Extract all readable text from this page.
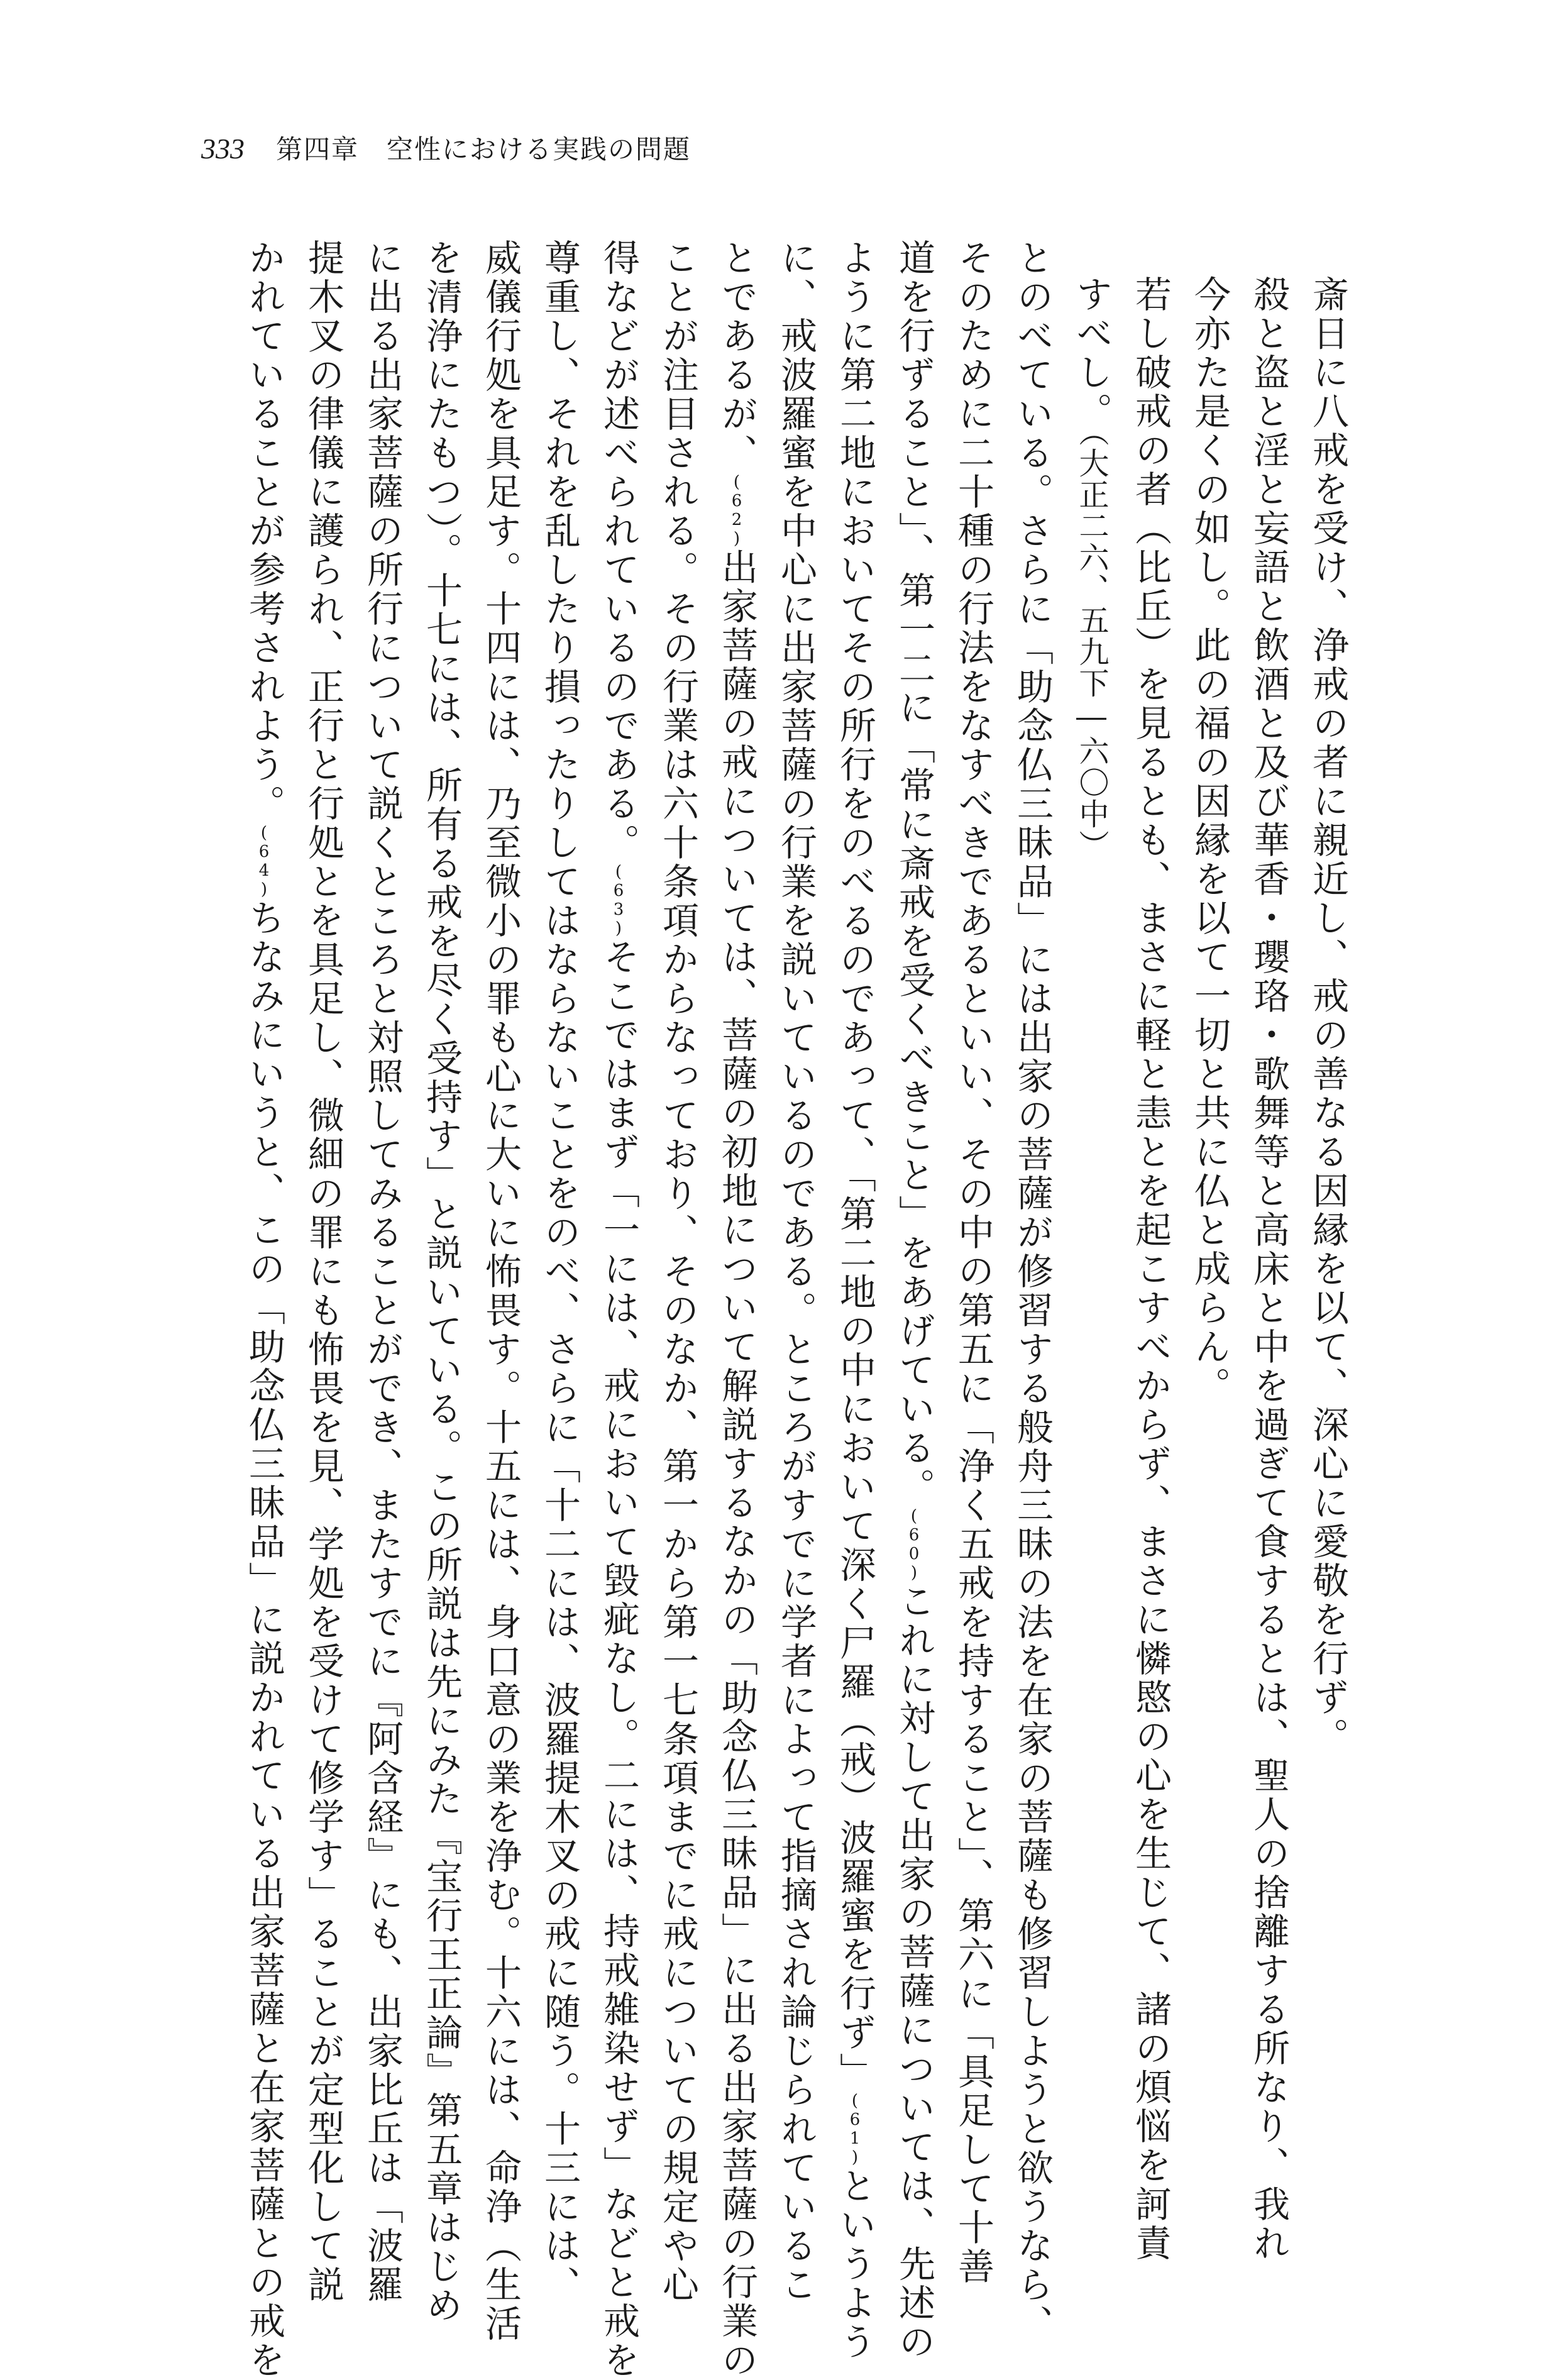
333 第四章　空性における実践の問題
斎日に八戒を受け、浄戒の者に親近し、戒の善なる因縁を以て、深心に愛敬を行ず。
殺と盗と淫と妄語と飲酒と及び華香・瓔珞・歌舞等と高床と中を過ぎて食するとは、聖人の捨離する所なり、我れ
今亦た是くの如し。此の福の因縁を以て一切と共に仏と成らん。
若し破戒の者（比丘）を見るとも、まさに軽と恚とを起こすべからず、まさに憐愍の心を生じて、諸の煩悩を訶責
すべし。（大正二六、五九下―六〇中）
とのべている。さらに「助念仏三昧品」には出家の菩薩が修習する般舟三昧の法を在家の菩薩も修習しようと欲うなら、
そのために二十種の行法をなすべきであるといい、その中の第五に「浄く五戒を持すること」、第六に「具足して十善
道を行ずること」、第一二に「常に斎戒を受くべきこと」をあげている。(60)これに対して出家の菩薩については、先述の
ように第二地においてその所行をのべるのであって、「第二地の中において深く尸羅（戒）波羅蜜を行ず」(61)というよう
に、戒波羅蜜を中心に出家菩薩の行業を説いているのである。ところがすでに学者によって指摘され論じられているこ
とであるが、(62)出家菩薩の戒については、菩薩の初地について解説するなかの「助念仏三昧品」に出る出家菩薩の行業の
ことが注目される。その行業は六十条項からなっており、そのなか、第一から第一七条項までに戒についての規定や心
得などが述べられているのである。(63)そこではまず「一には、戒において毀疵なし。二には、持戒雑染せず」などと戒を
尊重し、それを乱したり損ったりしてはならないことをのべ、さらに「十二には、波羅提木叉の戒に随う。十三には、
威儀行処を具足す。十四には、乃至微小の罪も心に大いに怖畏す。十五には、身口意の業を浄む。十六には、命浄（生活
を清浄にたもつ）。十七には、所有る戒を尽く受持す」と説いている。この所説は先にみた『宝行王正論』第五章はじめ
に出る出家菩薩の所行について説くところと対照してみることができ、またすでに『阿含経』にも、出家比丘は「波羅
提木叉の律儀に護られ、正行と行処とを具足し、微細の罪にも怖畏を見、学処を受けて修学す」ることが定型化して説
かれていることが参考されよう。(64)ちなみにいうと、この「助念仏三昧品」に説かれている出家菩薩と在家菩薩との戒を
